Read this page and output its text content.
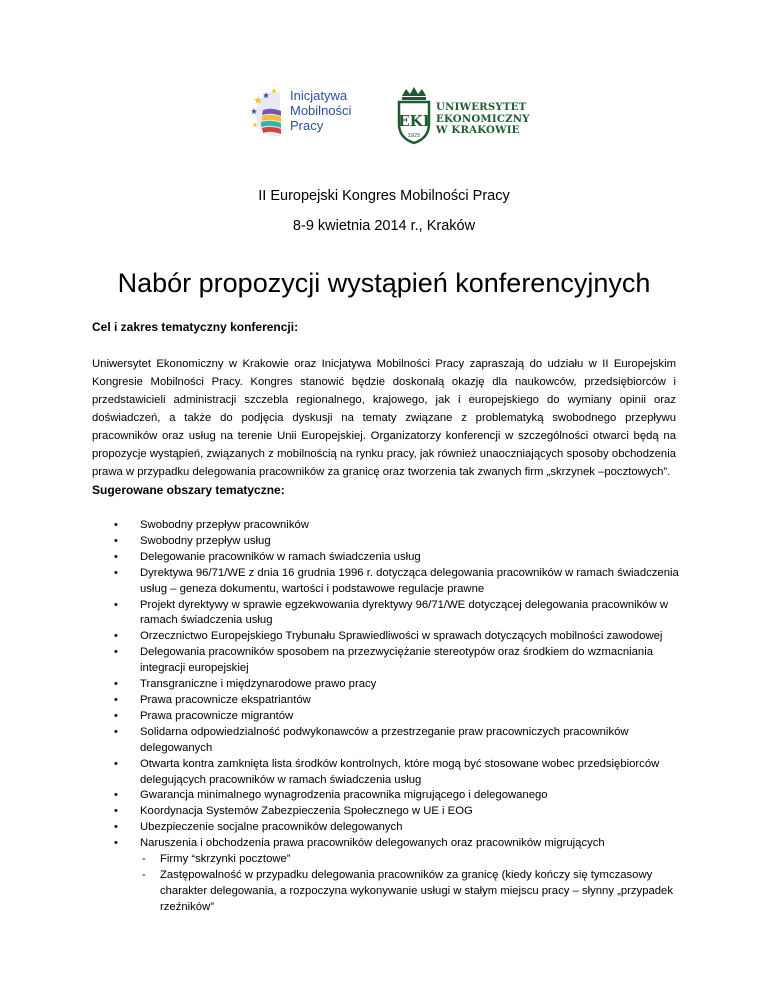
Inicjatywa
Mobilności
Pracy	EKI
1925
UNIWERSYTET
EKONOMICZNY
W KRAKOWIE
II Europejski Kongres Mobilności Pracy
8-9 kwietnia 2014 r., Kraków
Nabór propozycji wystąpień konferencyjnych
Cel i zakres tematyczny konferencji:

Uniwersytet Ekonomiczny w Krakowie oraz Inicjatywa Mobilności Pracy zapraszają do udziału w II Europejskim Kongresie Mobilności Pracy. Kongres stanowić będzie doskonałą okazję dla naukowców, przedsiębiorców i przedstawicieli administracji szczebla regionalnego, krajowego, jak i europejskiego do wymiany opinii oraz doświadczeń, a także do podjęcia dyskusji na tematy związane z problematyką swobodnego przepływu pracowników oraz usług na terenie Unii Europejskiej. Organizatorzy konferencji w szczególności otwarci będą na propozycje wystąpień, związanych z mobilnością na rynku pracy, jak również unaoczniających sposoby obchodzenia prawa w przypadku delegowania pracowników za granicę oraz tworzenia tak zwanych firm „skrzynek –pocztowych”.

Sugerowane obszary tematyczne:
• Swobodny przepływ pracowników
• Swobodny przepływ usług
• Delegowanie pracowników w ramach świadczenia usług
• Dyrektywa 96/71/WE z dnia 16 grudnia 1996 r. dotycząca delegowania pracowników w ramach świadczenia usług – geneza dokumentu, wartości i podstawowe regulacje prawne
• Projekt dyrektywy w sprawie egzekwowania dyrektywy 96/71/WE dotyczącej delegowania pracowników w ramach świadczenia usług
• Orzecznictwo Europejskiego Trybunału Sprawiedliwości w sprawach dotyczących mobilności zawodowej
• Delegowania pracowników sposobem na przezwyciężanie stereotypów oraz środkiem do wzmacniania integracji europejskiej
• Transgraniczne i międzynarodowe prawo pracy
• Prawa pracownicze ekspatriantów
• Prawa pracownicze migrantów
• Solidarna odpowiedzialność podwykonawców a przestrzeganie praw pracowniczych pracowników delegowanych
• Otwarta kontra zamknięta lista środków kontrolnych, które mogą być stosowane wobec przedsiębiorców delegujących pracowników w ramach świadczenia usług
• Gwarancja minimalnego wynagrodzenia pracownika migrującego i delegowanego
• Koordynacja Systemów Zabezpieczenia Społecznego w UE i EOG
• Ubezpieczenie socjalne pracowników delegowanych
• Naruszenia i obchodzenia prawa pracowników delegowanych oraz pracowników migrujących
- Firmy “skrzynki pocztowe”
- Zastępowalność w przypadku delegowania pracowników za granicę (kiedy kończy się tymczasowy charakter delegowania, a rozpoczyna wykonywanie usługi w stałym miejscu pracy – słynny „przypadek rzeźników”
